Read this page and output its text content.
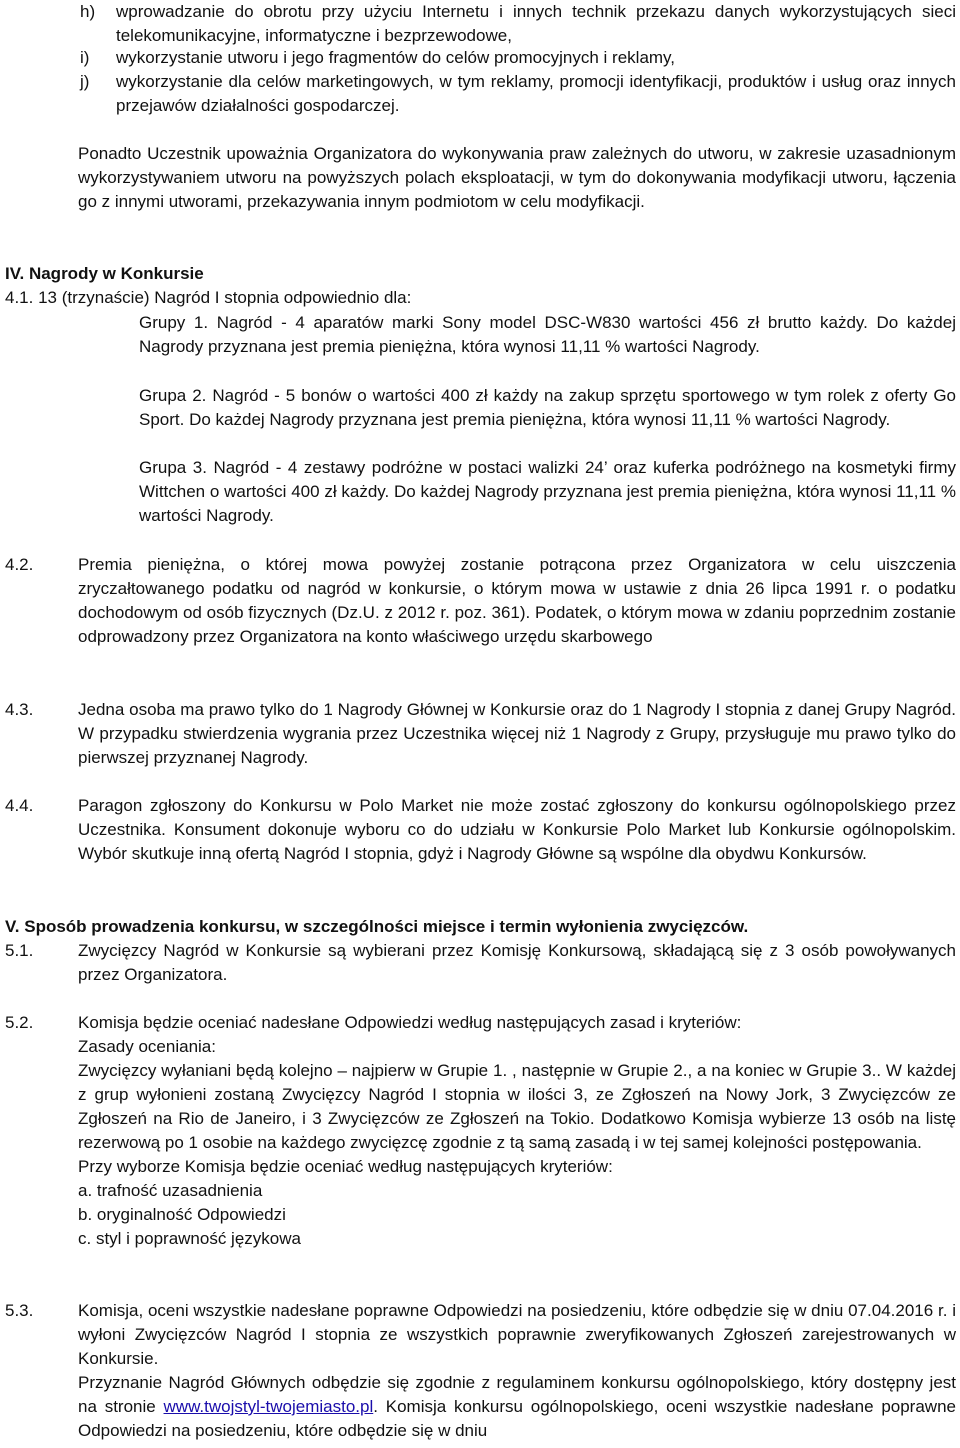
h) wprowadzanie do obrotu przy użyciu Internetu i innych technik przekazu danych wykorzystujących sieci telekomunikacyjne, informatyczne i bezprzewodowe,

i) wykorzystanie utworu i jego fragmentów do celów promocyjnych i reklamy,

j) wykorzystanie dla celów marketingowych, w tym reklamy, promocji identyfikacji, produktów i usług oraz innych przejawów działalności gospodarczej.

Ponadto Uczestnik upoważnia Organizatora do wykonywania praw zależnych do utworu, w zakresie uzasadnionym wykorzystywaniem utworu na powyższych polach eksploatacji, w tym do dokonywania modyfikacji utworu, łączenia go z innymi utworami, przekazywania innym podmiotom w celu modyfikacji.

IV. Nagrody w Konkursie
4.1. 13 (trzynaście) Nagród I stopnia odpowiednio dla:

Grupy 1. Nagród - 4 aparatów marki Sony model DSC-W830 wartości 456 zł brutto każdy. Do każdej Nagrody przyznana jest premia pieniężna, która wynosi 11,11 % wartości Nagrody.

Grupa 2. Nagród - 5 bonów o wartości 400 zł każdy na zakup sprzętu sportowego w tym rolek z oferty Go Sport. Do każdej Nagrody przyznana jest premia pieniężna, która wynosi 11,11 % wartości Nagrody.

Grupa 3. Nagród - 4 zestawy podróżne w postaci walizki 24’ oraz kuferka podróżnego na kosmetyki firmy Wittchen o wartości 400 zł każdy. Do każdej Nagrody przyznana jest premia pieniężna, która wynosi 11,11 % wartości Nagrody.

4.2.	Premia pieniężna, o której mowa powyżej zostanie potrącona przez Organizatora w celu uiszczenia zryczałtowanego podatku od nagród w konkursie, o którym mowa w ustawie z dnia 26 lipca 1991 r. o podatku dochodowym od osób fizycznych (Dz.U. z 2012 r. poz. 361). Podatek, o którym mowa w zdaniu poprzednim zostanie odprowadzony przez Organizatora na konto właściwego urzędu skarbowego

4.3.	Jedna osoba ma prawo tylko do 1 Nagrody Głównej w Konkursie oraz do 1 Nagrody I stopnia z danej Grupy Nagród. W przypadku stwierdzenia wygrania przez Uczestnika więcej niż 1 Nagrody z Grupy, przysługuje mu prawo tylko do pierwszej przyznanej Nagrody.

4.4.	Paragon zgłoszony do Konkursu w Polo Market nie może zostać zgłoszony do konkursu ogólnopolskiego przez Uczestnika. Konsument dokonuje wyboru co do udziału w Konkursie Polo Market lub Konkursie ogólnopolskim. Wybór skutkuje inną ofertą Nagród I stopnia, gdyż i Nagrody Główne są wspólne dla obydwu Konkursów.

V. Sposób prowadzenia konkursu, w szczególności miejsce i termin wyłonienia zwycięzców.
5.1.	Zwycięzcy Nagród w Konkursie są wybierani przez Komisję Konkursową, składającą się z 3 osób powoływanych przez Organizatora.

5.2.	Komisja będzie oceniać nadesłane Odpowiedzi według następujących zasad i kryteriów:

Zasady oceniania:

Zwycięzcy wyłaniani będą kolejno – najpierw w Grupie 1. , następnie w Grupie 2., a na koniec w Grupie 3.. W każdej z grup wyłonieni zostaną Zwycięzcy Nagród I stopnia w ilości 3, ze Zgłoszeń na Nowy Jork, 3 Zwycięzców ze Zgłoszeń na Rio de Janeiro, i 3 Zwycięzców ze Zgłoszeń na Tokio. Dodatkowo Komisja wybierze 13 osób na listę rezerwową po 1 osobie na każdego zwycięzcę zgodnie z tą samą zasadą i w tej samej kolejności postępowania.

Przy wyborze Komisja będzie oceniać według następujących kryteriów:

a. trafność uzasadnienia

b. oryginalność Odpowiedzi

c. styl i poprawność językowa

5.3.	Komisja, oceni wszystkie nadesłane poprawne Odpowiedzi na posiedzeniu, które odbędzie się w dniu 07.04.2016 r. i wyłoni Zwycięzców Nagród I stopnia ze wszystkich poprawnie zweryfikowanych Zgłoszeń zarejestrowanych w Konkursie.

Przyznanie Nagród Głównych odbędzie się zgodnie z regulaminem konkursu ogólnopolskiego, który dostępny jest na stronie www.twojstyl-twojemiasto.pl. Komisja konkursu ogólnopolskiego, oceni wszystkie nadesłane poprawne Odpowiedzi na posiedzeniu, które odbędzie się w dniu
